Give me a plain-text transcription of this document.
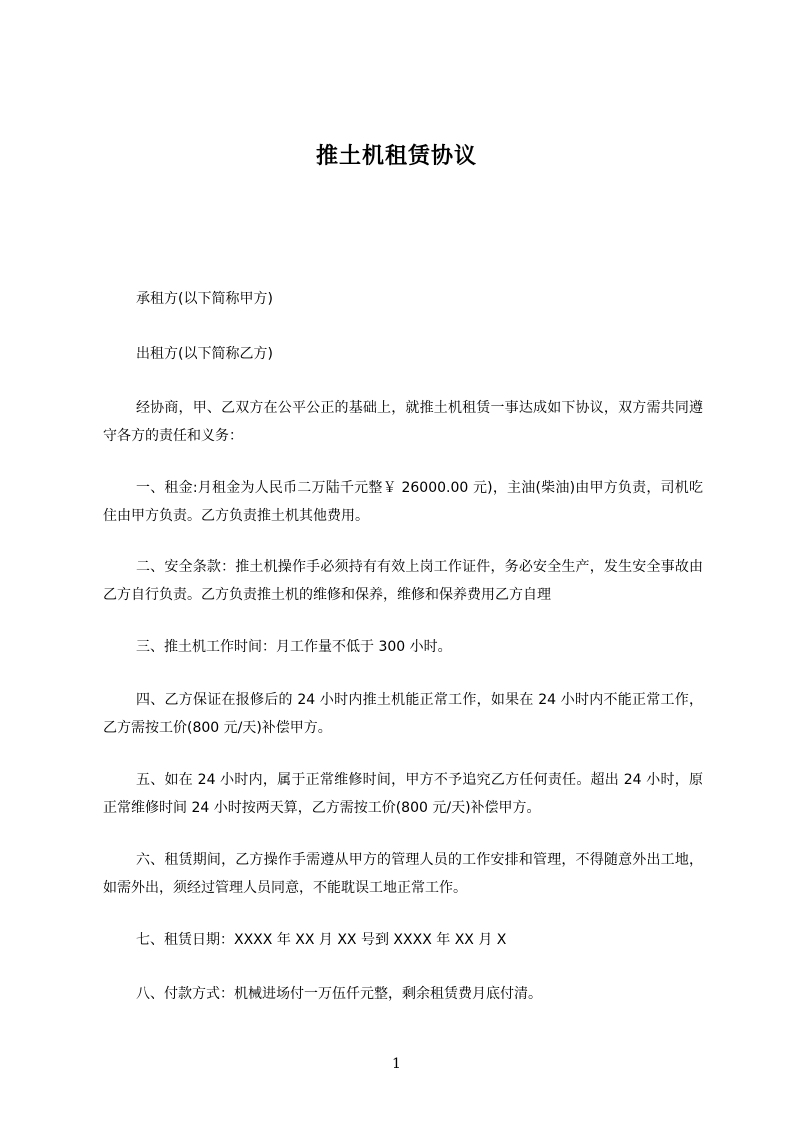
推土机租赁协议

承租方(以下简称甲方)

出租方(以下简称乙方)

经协商，甲、乙双方在公平公正的基础上，就推土机租赁一事达成如下协议，双方需共同遵守各方的责任和义务：

一、租金:月租金为人民币二万陆千元整￥ 26000.00 元)，主油(柴油)由甲方负责，司机吃住由甲方负责。乙方负责推土机其他费用。

二、安全条款：推土机操作手必须持有有效上岗工作证件，务必安全生产，发生安全事故由乙方自行负责。乙方负责推土机的维修和保养，维修和保养费用乙方自理

三、推土机工作时间：月工作量不低于 300 小时。

四、乙方保证在报修后的 24 小时内推土机能正常工作，如果在 24 小时内不能正常工作，乙方需按工价(800 元/天)补偿甲方。

五、如在 24 小时内，属于正常维修时间，甲方不予追究乙方任何责任。超出 24 小时，原正常维修时间 24 小时按两天算，乙方需按工价(800 元/天)补偿甲方。

六、租赁期间，乙方操作手需遵从甲方的管理人员的工作安排和管理，不得随意外出工地，如需外出，须经过管理人员同意，不能耽误工地正常工作。

七、租赁日期：XXXX 年 XX 月 XX 号到 XXXX 年 XX 月 X

八、付款方式：机械进场付一万伍仟元整，剩余租赁费月底付清。

1
